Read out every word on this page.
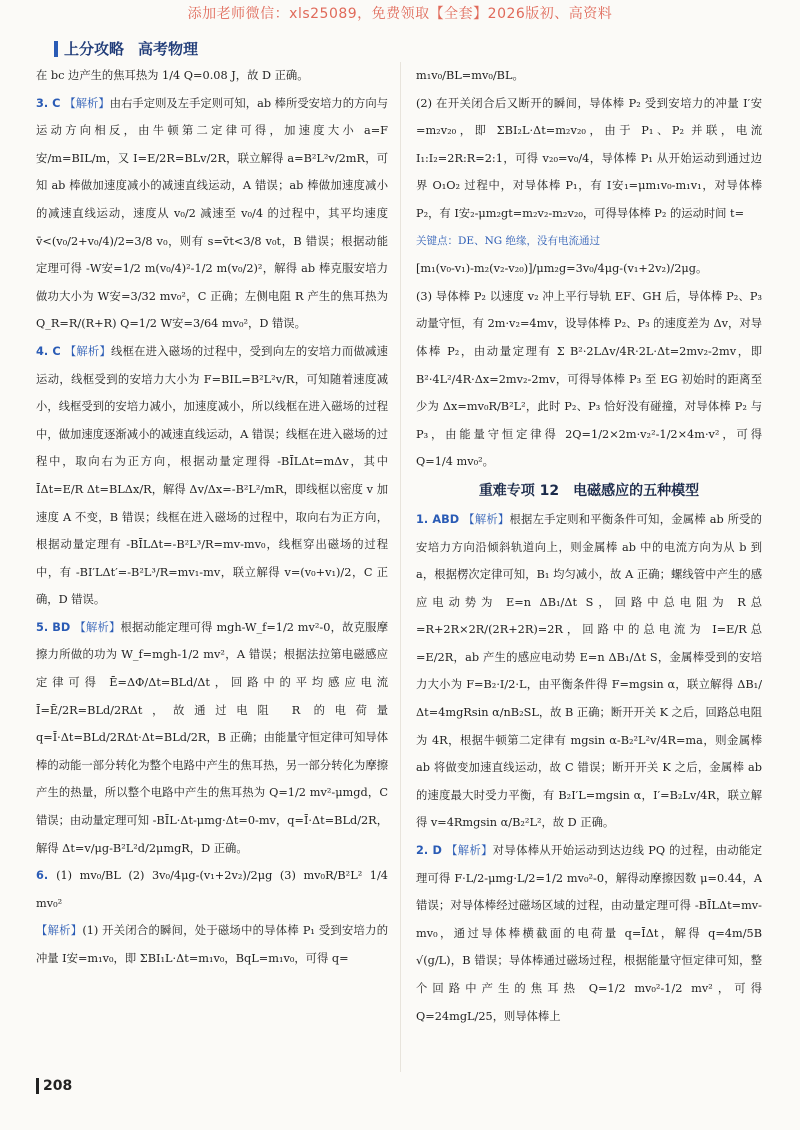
添加老师微信：xls25089，免费领取【全套】2026版初、高资料
上分攻略 高考物理

在 bc 边产生的焦耳热为 1/4 Q=0.08 J，故 D 正确。

3. C 【解析】由右手定则及左手定则可知，ab 棒所受安培力的方向与运动方向相反，由牛顿第二定律可得，加速度大小 a=F安/m=BIL/m，又 I=E/2R=BLv/2R，联立解得 a=B²L²v/2mR，可知 ab 棒做加速度减小的减速直线运动，A 错误；ab 棒做加速度减小的减速直线运动，速度从 v₀/2 减速至 v₀/4 的过程中，其平均速度 v̄<(v₀/2+v₀/4)/2=3/8 v₀，则有 s=v̄t<3/8 v₀t，B 错误；根据动能定理可得 -W安=1/2 m(v₀/4)²-1/2 m(v₀/2)²，解得 ab 棒克服安培力做功大小为 W安=3/32 mv₀²，C 正确；左侧电阻 R 产生的焦耳热为 Q_R=R/(R+R) Q=1/2 W安=3/64 mv₀²，D 错误。

4. C 【解析】线框在进入磁场的过程中，受到向左的安培力而做减速运动，线框受到的安培力大小为 F=BIL=B²L²v/R，可知随着速度减小，线框受到的安培力减小，加速度减小，所以线框在进入磁场的过程中，做加速度逐渐减小的减速直线运动，A 错误；线框在进入磁场的过程中，取向右为正方向，根据动量定理得 -BĪLΔt=mΔv，其中 ĪΔt=E/R Δt=BLΔx/R，解得 Δv/Δx=-B²L²/mR，即线框以密度 v 加速度 A 不变，B 错误；线框在进入磁场的过程中，取向右为正方向，根据动量定理有 -BĪLΔt=-B²L³/R=mv-mv₀，线框穿出磁场的过程中，有 -BI′LΔt′=-B²L³/R=mv₁-mv，联立解得 v=(v₀+v₁)/2，C 正确，D 错误。

5. BD 【解析】根据动能定理可得 mgh-W_f=1/2 mv²-0，故克服摩擦力所做的功为 W_f=mgh-1/2 mv²，A 错误；根据法拉第电磁感应定律可得 Ē=ΔΦ/Δt=BLd/Δt，回路中的平均感应电流 Ī=Ē/2R=BLd/2RΔt，故通过电阻 R 的电荷量 q=Ī·Δt=BLd/2RΔt·Δt=BLd/2R，B 正确；由能量守恒定律可知导体棒的动能一部分转化为整个电路中产生的焦耳热，另一部分转化为摩擦产生的热量，所以整个电路中产生的焦耳热为 Q=1/2 mv²-μmgd，C 错误；由动量定理可知 -BĪL·Δt-μmg·Δt=0-mv，q=Ī·Δt=BLd/2R，解得 Δt=v/μg-B²L²d/2μmgR，D 正确。

6. (1) mv₀/BL (2) 3v₀/4μg-(v₁+2v₂)/2μg (3) mv₀R/B²L² 1/4 mv₀²

【解析】(1) 开关闭合的瞬间，处于磁场中的导体棒 P₁ 受到安培力的冲量 I安=m₁v₀，即 ΣBI₁L·Δt=m₁v₀，BqL=m₁v₀，可得 q=

m₁v₀/BL=mv₀/BL。

(2) 在开关闭合后又断开的瞬间，导体棒 P₂ 受到安培力的冲量 I′安=m₂v₂₀，即 ΣBI₂L·Δt=m₂v₂₀，由于 P₁、P₂ 并联，电流 I₁:I₂=2R:R=2:1，可得 v₂₀=v₀/4，导体棒 P₁ 从开始运动到通过边界 O₁O₂ 过程中，对导体棒 P₁，有 I安₁=μm₁v₀-m₁v₁，对导体棒 P₂，有 I安₂-μm₂gt=m₂v₂-m₂v₂₀，可得导体棒 P₂ 的运动时间 t=

关键点：DE、NG 绝缘，没有电流通过

[m₁(v₀-v₁)-m₂(v₂-v₂₀)]/μm₂g=3v₀/4μg-(v₁+2v₂)/2μg。

(3) 导体棒 P₂ 以速度 v₂ 冲上平行导轨 EF、GH 后，导体棒 P₂、P₃ 动量守恒，有 2m·v₂=4mv，设导体棒 P₂、P₃ 的速度差为 Δv，对导体棒 P₂，由动量定理有 Σ B²·2LΔv/4R·2L·Δt=2mv₂-2mv，即 B²·4L²/4R·Δx=2mv₂-2mv，可得导体棒 P₃ 至 EG 初始时的距离至少为 Δx=mv₀R/B²L²，此时 P₂、P₃ 恰好没有碰撞，对导体棒 P₂ 与 P₃，由能量守恒定律得 2Q=1/2×2m·v₂²-1/2×4m·v²，可得 Q=1/4 mv₀²。

重难专项 12　电磁感应的五种模型

1. ABD 【解析】根据左手定则和平衡条件可知，金属棒 ab 所受的安培力方向沿倾斜轨道向上，则金属棒 ab 中的电流方向为从 b 到 a，根据楞次定律可知，B₁ 均匀减小，故 A 正确；螺线管中产生的感应电动势为 E=n ΔB₁/Δt S，回路中总电阻为 R总=R+2R×2R/(2R+2R)=2R，回路中的总电流为 I=E/R总=E/2R，ab 产生的感应电动势 E=n ΔB₁/Δt S，金属棒受到的安培力大小为 F=B₂·I/2·L，由平衡条件得 F=mgsin α，联立解得 ΔB₁/Δt=4mgRsin α/nB₂SL，故 B 正确；断开开关 K 之后，回路总电阻为 4R，根据牛顿第二定律有 mgsin α-B₂²L²v/4R=ma，则金属棒 ab 将做变加速直线运动，故 C 错误；断开开关 K 之后，金属棒 ab 的速度最大时受力平衡，有 B₂I′L=mgsin α，I′=B₂Lv/4R，联立解得 v=4Rmgsin α/B₂²L²，故 D 正确。

2. D 【解析】对导体棒从开始运动到达边线 PQ 的过程，由动能定理可得 F·L/2-μmg·L/2=1/2 mv₀²-0，解得动摩擦因数 μ=0.44，A 错误；对导体棒经过磁场区域的过程，由动量定理可得 -BĪLΔt=mv-mv₀，通过导体棒横截面的电荷量 q=ĪΔt，解得 q=4m/5B √(g/L)，B 错误；导体棒通过磁场过程，根据能量守恒定律可知，整个回路中产生的焦耳热 Q=1/2 mv₀²-1/2 mv²，可得 Q=24mgL/25，则导体棒上

208
